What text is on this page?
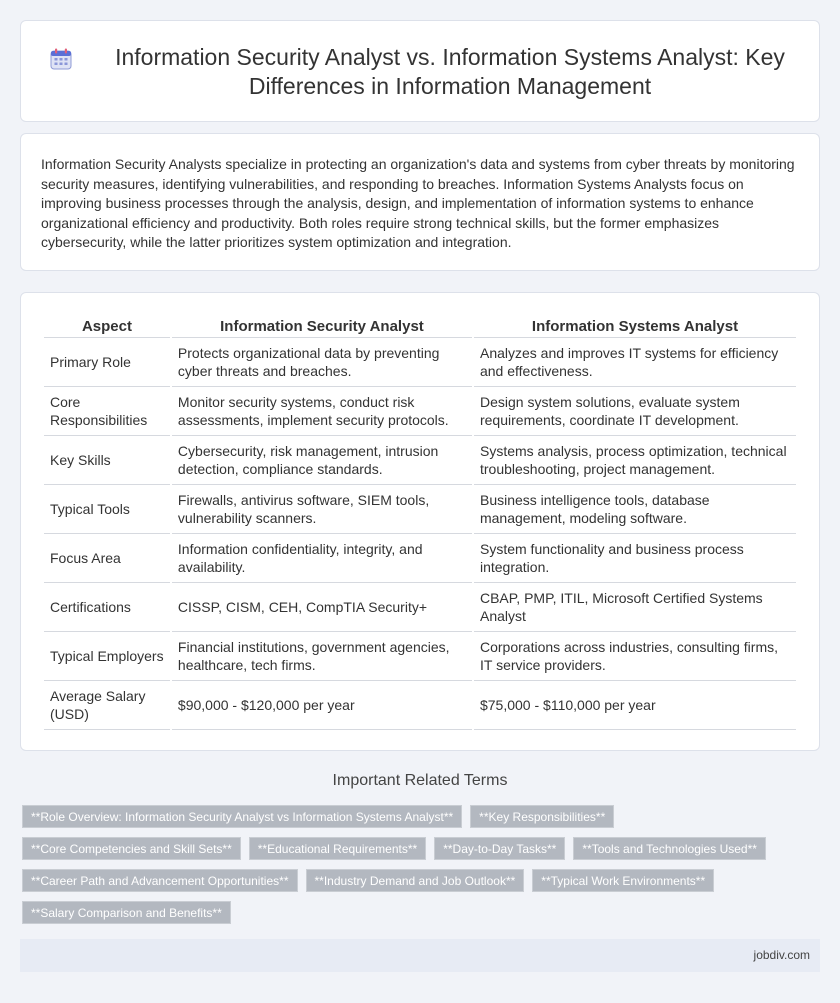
Information Security Analyst vs. Information Systems Analyst: Key Differences in Information Management

Information Security Analysts specialize in protecting an organization's data and systems from cyber threats by monitoring security measures, identifying vulnerabilities, and responding to breaches. Information Systems Analysts focus on improving business processes through the analysis, design, and implementation of information systems to enhance organizational efficiency and productivity. Both roles require strong technical skills, but the former emphasizes cybersecurity, while the latter prioritizes system optimization and integration.

Aspect	Information Security Analyst	Information Systems Analyst
Primary Role	Protects organizational data by preventing cyber threats and breaches.	Analyzes and improves IT systems for efficiency and effectiveness.
Core Responsibilities	Monitor security systems, conduct risk assessments, implement security protocols.	Design system solutions, evaluate system requirements, coordinate IT development.
Key Skills	Cybersecurity, risk management, intrusion detection, compliance standards.	Systems analysis, process optimization, technical troubleshooting, project management.
Typical Tools	Firewalls, antivirus software, SIEM tools, vulnerability scanners.	Business intelligence tools, database management, modeling software.
Focus Area	Information confidentiality, integrity, and availability.	System functionality and business process integration.
Certifications	CISSP, CISM, CEH, CompTIA Security+	CBAP, PMP, ITIL, Microsoft Certified Systems Analyst
Typical Employers	Financial institutions, government agencies, healthcare, tech firms.	Corporations across industries, consulting firms, IT service providers.
Average Salary (USD)	$90,000 - $120,000 per year	$75,000 - $110,000 per year
Important Related Terms
**Role Overview: Information Security Analyst vs Information Systems Analyst**	**Key Responsibilities**
**Core Competencies and Skill Sets**	**Educational Requirements**	**Day-to-Day Tasks**	**Tools and Technologies Used**
**Career Path and Advancement Opportunities**	**Industry Demand and Job Outlook**	**Typical Work Environments**
**Salary Comparison and Benefits**
jobdiv.com
